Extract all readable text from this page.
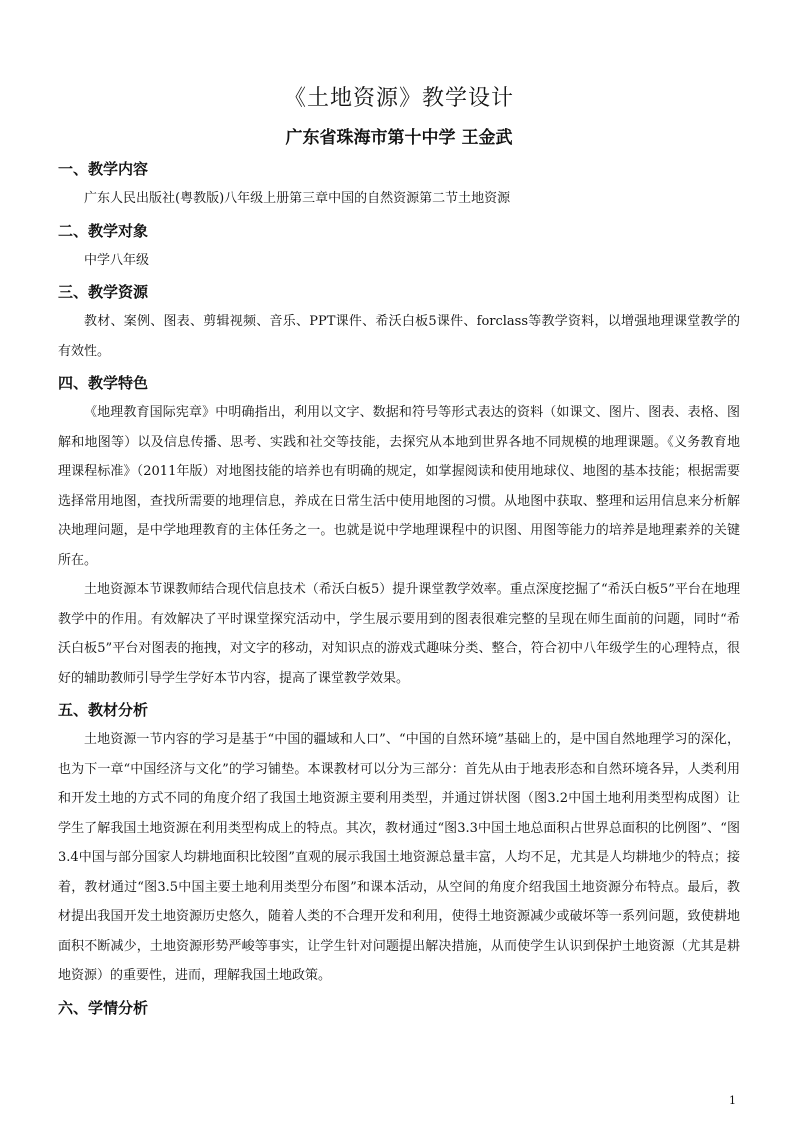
《土地资源》教学设计
广东省珠海市第十中学 王金武
一、教学内容

广东人民出版社(粤教版)八年级上册第三章中国的自然资源第二节土地资源

二、教学对象

中学八年级

三、教学资源

教材、案例、图表、剪辑视频、音乐、PPT课件、希沃白板5课件、forclass等教学资料，以增强地理课堂教学的有效性。

四、教学特色

《地理教育国际宪章》中明确指出，利用以文字、数据和符号等形式表达的资料（如课文、图片、图表、表格、图解和地图等）以及信息传播、思考、实践和社交等技能，去探究从本地到世界各地不同规模的地理课题。《义务教育地理课程标准》（2011年版）对地图技能的培养也有明确的规定，如掌握阅读和使用地球仪、地图的基本技能；根据需要选择常用地图，查找所需要的地理信息，养成在日常生活中使用地图的习惯。从地图中获取、整理和运用信息来分析解决地理问题，是中学地理教育的主体任务之一。也就是说中学地理课程中的识图、用图等能力的培养是地理素养的关键所在。

土地资源本节课教师结合现代信息技术（希沃白板5）提升课堂教学效率。重点深度挖掘了“希沃白板5”平台在地理教学中的作用。有效解决了平时课堂探究活动中，学生展示要用到的图表很难完整的呈现在师生面前的问题，同时“希沃白板5”平台对图表的拖拽，对文字的移动，对知识点的游戏式趣味分类、整合，符合初中八年级学生的心理特点，很好的辅助教师引导学生学好本节内容，提高了课堂教学效果。

五、教材分析

土地资源一节内容的学习是基于“中国的疆域和人口”、“中国的自然环境”基础上的，是中国自然地理学习的深化，也为下一章“中国经济与文化”的学习铺垫。本课教材可以分为三部分：首先从由于地表形态和自然环境各异，人类利用和开发土地的方式不同的角度介绍了我国土地资源主要利用类型，并通过饼状图（图3.2中国土地利用类型构成图）让学生了解我国土地资源在利用类型构成上的特点。其次，教材通过“图3.3中国土地总面积占世界总面积的比例图”、“图3.4中国与部分国家人均耕地面积比较图”直观的展示我国土地资源总量丰富，人均不足，尤其是人均耕地少的特点；接着，教材通过“图3.5中国主要土地利用类型分布图”和课本活动，从空间的角度介绍我国土地资源分布特点。最后，教材提出我国开发土地资源历史悠久，随着人类的不合理开发和利用，使得土地资源减少或破坏等一系列问题，致使耕地面积不断减少，土地资源形势严峻等事实，让学生针对问题提出解决措施，从而使学生认识到保护土地资源（尤其是耕地资源）的重要性，进而，理解我国土地政策。

六、学情分析
1
